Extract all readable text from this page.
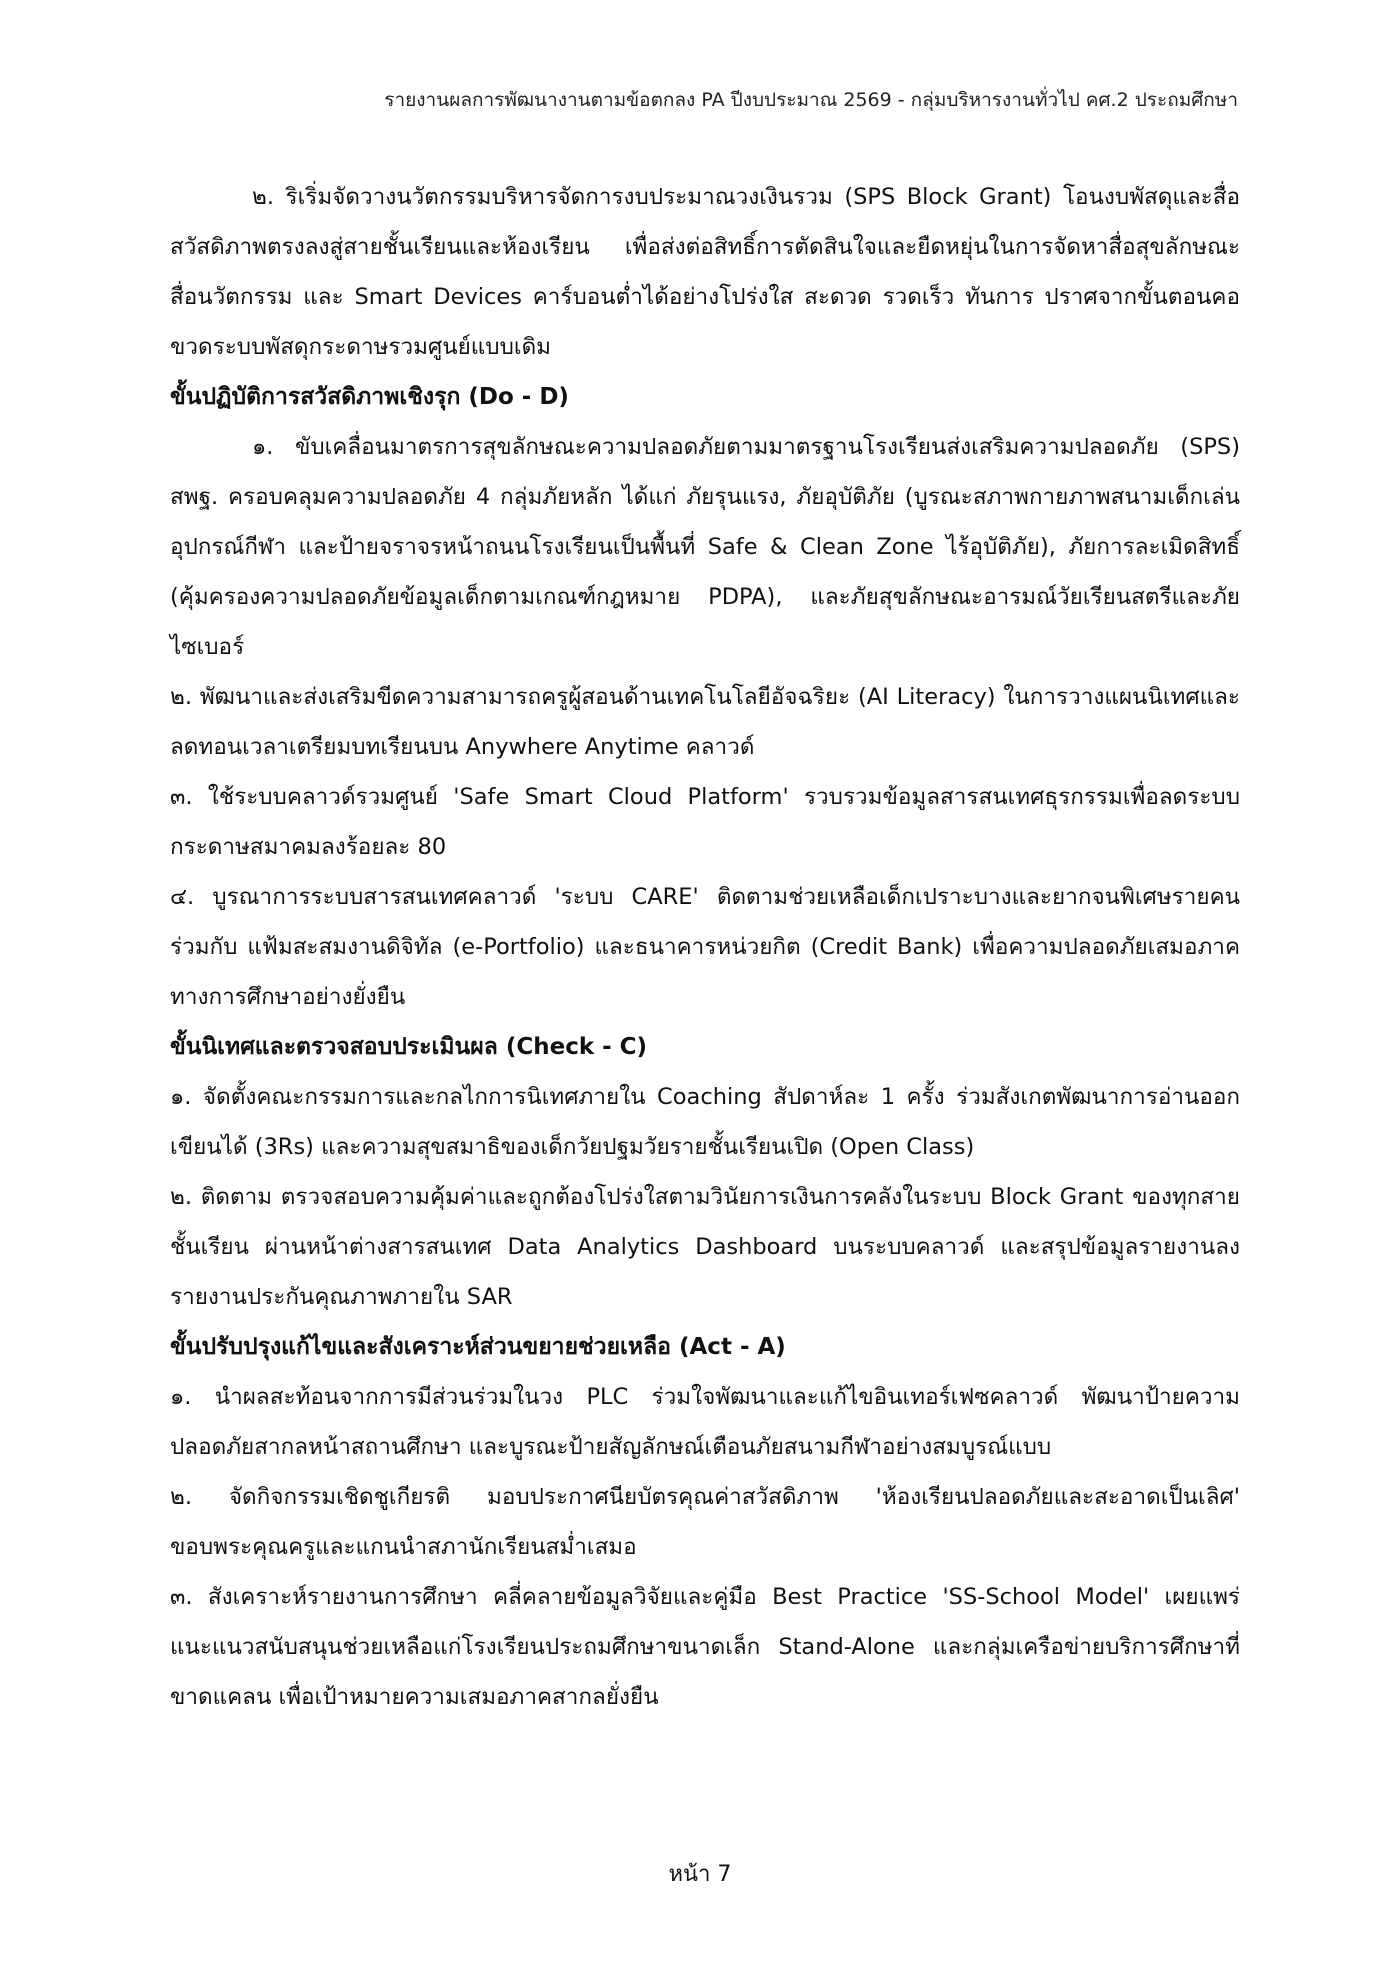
รายงานผลการพัฒนางานตามข้อตกลง PA ปีงบประมาณ 2569 - กลุ่มบริหารงานทั่วไป คศ.2 ประถมศึกษา

๒. ริเริ่มจัดวางนวัตกรรมบริหารจัดการงบประมาณวงเงินรวม (SPS Block Grant) โอนงบพัสดุและสื่อสวัสดิภาพตรงลงสู่สายชั้นเรียนและห้องเรียน เพื่อส่งต่อสิทธิ์การตัดสินใจและยืดหยุ่นในการจัดหาสื่อสุขลักษณะ สื่อนวัตกรรม และ Smart Devices คาร์บอนต่ำได้อย่างโปร่งใส สะดวด รวดเร็ว ทันการ ปราศจากขั้นตอนคอขวดระบบพัสดุกระดาษรวมศูนย์แบบเดิม

ขั้นปฏิบัติการสวัสดิภาพเชิงรุก (Do - D)

๑. ขับเคลื่อนมาตรการสุขลักษณะความปลอดภัยตามมาตรฐานโรงเรียนส่งเสริมความปลอดภัย (SPS) สพฐ. ครอบคลุมความปลอดภัย 4 กลุ่มภัยหลัก ได้แก่ ภัยรุนแรง, ภัยอุบัติภัย (บูรณะสภาพกายภาพสนามเด็กเล่น อุปกรณ์กีฬา และป้ายจราจรหน้าถนนโรงเรียนเป็นพื้นที่ Safe & Clean Zone ไร้อุบัติภัย), ภัยการละเมิดสิทธิ์ (คุ้มครองความปลอดภัยข้อมูลเด็กตามเกณฑ์กฎหมาย PDPA), และภัยสุขลักษณะอารมณ์วัยเรียนสตรีและภัยไซเบอร์

๒. พัฒนาและส่งเสริมขีดความสามารถครูผู้สอนด้านเทคโนโลยีอัจฉริยะ (AI Literacy) ในการวางแผนนิเทศและลดทอนเวลาเตรียมบทเรียนบน Anywhere Anytime คลาวด์

๓. ใช้ระบบคลาวด์รวมศูนย์ 'Safe Smart Cloud Platform' รวบรวมข้อมูลสารสนเทศธุรกรรมเพื่อลดระบบกระดาษสมาคมลงร้อยละ 80

๔. บูรณาการระบบสารสนเทศคลาวด์ 'ระบบ CARE' ติดตามช่วยเหลือเด็กเปราะบางและยากจนพิเศษรายคน ร่วมกับ แฟ้มสะสมงานดิจิทัล (e-Portfolio) และธนาคารหน่วยกิต (Credit Bank) เพื่อความปลอดภัยเสมอภาคทางการศึกษาอย่างยั่งยืน

ขั้นนิเทศและตรวจสอบประเมินผล (Check - C)

๑. จัดตั้งคณะกรรมการและกลไกการนิเทศภายใน Coaching สัปดาห์ละ 1 ครั้ง ร่วมสังเกตพัฒนาการอ่านออกเขียนได้ (3Rs) และความสุขสมาธิของเด็กวัยปฐมวัยรายชั้นเรียนเปิด (Open Class)

๒. ติดตาม ตรวจสอบความคุ้มค่าและถูกต้องโปร่งใสตามวินัยการเงินการคลังในระบบ Block Grant ของทุกสายชั้นเรียน ผ่านหน้าต่างสารสนเทศ Data Analytics Dashboard บนระบบคลาวด์ และสรุปข้อมูลรายงานลงรายงานประกันคุณภาพภายใน SAR

ขั้นปรับปรุงแก้ไขและสังเคราะห์ส่วนขยายช่วยเหลือ (Act - A)

๑. นำผลสะท้อนจากการมีส่วนร่วมในวง PLC ร่วมใจพัฒนาและแก้ไขอินเทอร์เฟซคลาวด์ พัฒนาป้ายความปลอดภัยสากลหน้าสถานศึกษา และบูรณะป้ายสัญลักษณ์เตือนภัยสนามกีฬาอย่างสมบูรณ์แบบ

๒. จัดกิจกรรมเชิดชูเกียรติ มอบประกาศนียบัตรคุณค่าสวัสดิภาพ 'ห้องเรียนปลอดภัยและสะอาดเป็นเลิศ' ขอบพระคุณครูและแกนนำสภานักเรียนสม่ำเสมอ

๓. สังเคราะห์รายงานการศึกษา คลี่คลายข้อมูลวิจัยและคู่มือ Best Practice 'SS-School Model' เผยแพร่แนะแนวสนับสนุนช่วยเหลือแก่โรงเรียนประถมศึกษาขนาดเล็ก Stand-Alone และกลุ่มเครือข่ายบริการศึกษาที่ขาดแคลน เพื่อเป้าหมายความเสมอภาคสากลยั่งยืน

หน้า 7
